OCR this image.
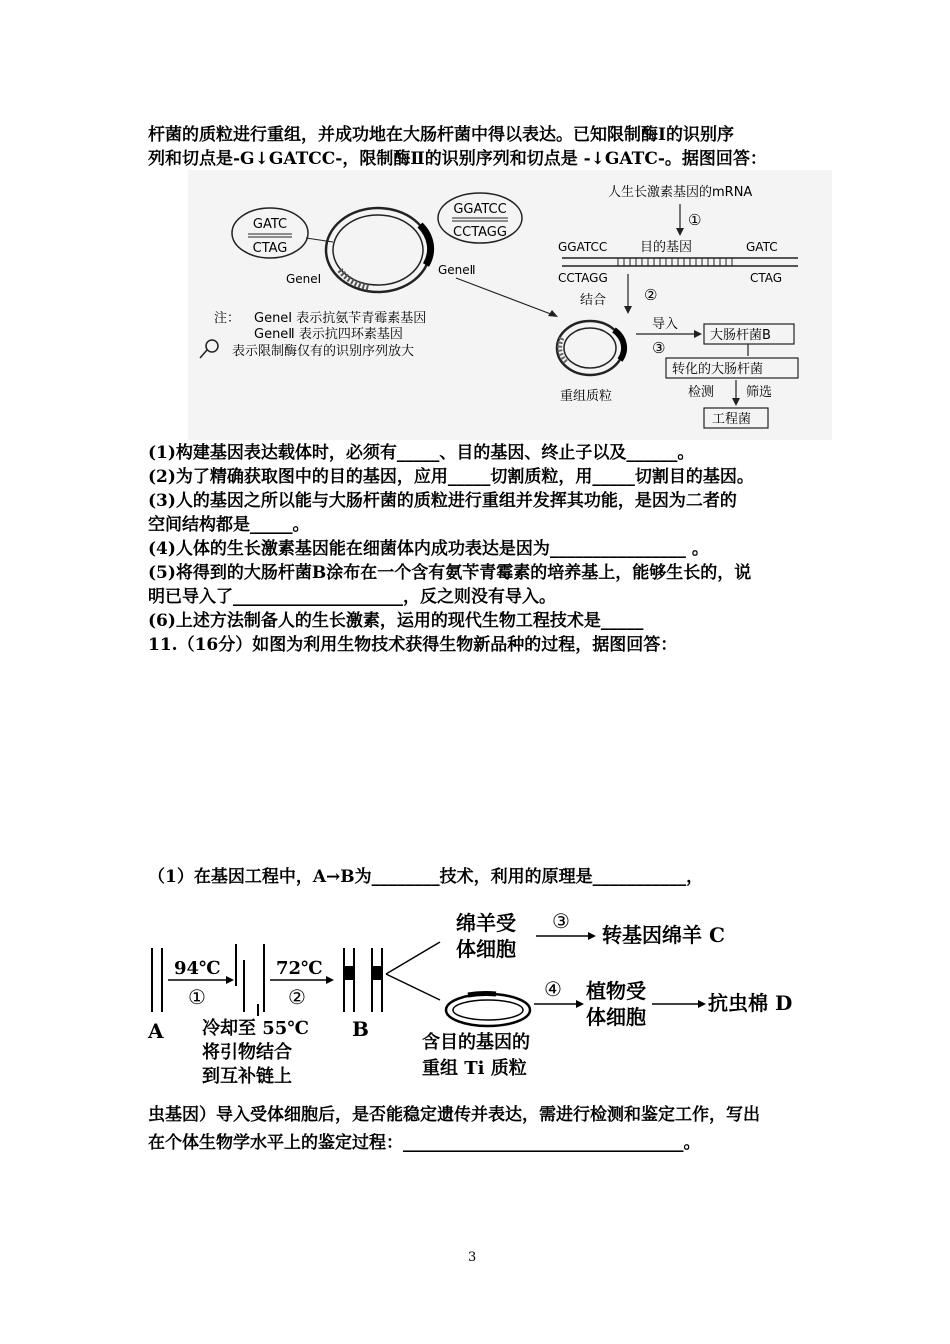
杆菌的质粒进行重组，并成功地在大肠杆菌中得以表达。已知限制酶Ⅰ的识别序
列和切点是-G↓GATCC-，限制酶Ⅱ的识别序列和切点是 -↓GATC-。据图回答：
GATC
CTAG
GeneⅠ
GGATCC
CCTAGG
GeneⅡ
人生长激素基因的mRNA
①
GGATCC	目的基因	GATC
CCTAGG	CTAG
结合	②
重组质粒
导入
③
大肠杆菌B
转化的大肠杆菌
检测 筛选
工程菌
注： GeneⅠ 表示抗氨苄青霉素基因
GeneⅡ 表示抗四环素基因
表示限制酶仅有的识别序列放大
(1)构建基因表达载体时，必须有_____、目的基因、终止子以及______。
(2)为了精确获取图中的目的基因，应用_____切割质粒，用_____切割目的基因。
(3)人的基因之所以能与大肠杆菌的质粒进行重组并发挥其功能，是因为二者的
空间结构都是_____。
(4)人体的生长激素基因能在细菌体内成功表达是因为________________ 。
(5)将得到的大肠杆菌B涂布在一个含有氨苄青霉素的培养基上，能够生长的，说
明已导入了____________________，反之则没有导入。
(6)上述方法制备人的生长激素，运用的现代生物工程技术是_____
11.（16分）如图为利用生物技术获得生物新品种的过程，据图回答：
（1）在基因工程中，A→B为________技术，利用的原理是___________，
A
94℃
①
72℃
②
冷却至 55℃
将引物结合
到互补链上
B
绵羊受
体细胞
③
转基因绵羊 C
含目的基因的
重组 Ti 质粒
④ 植物受
体细胞
抗虫棉 D
虫基因）导入受体细胞后，是否能稳定遗传并表达，需进行检测和鉴定工作，写出
在个体生物学水平上的鉴定过程：_________________________________。
3
